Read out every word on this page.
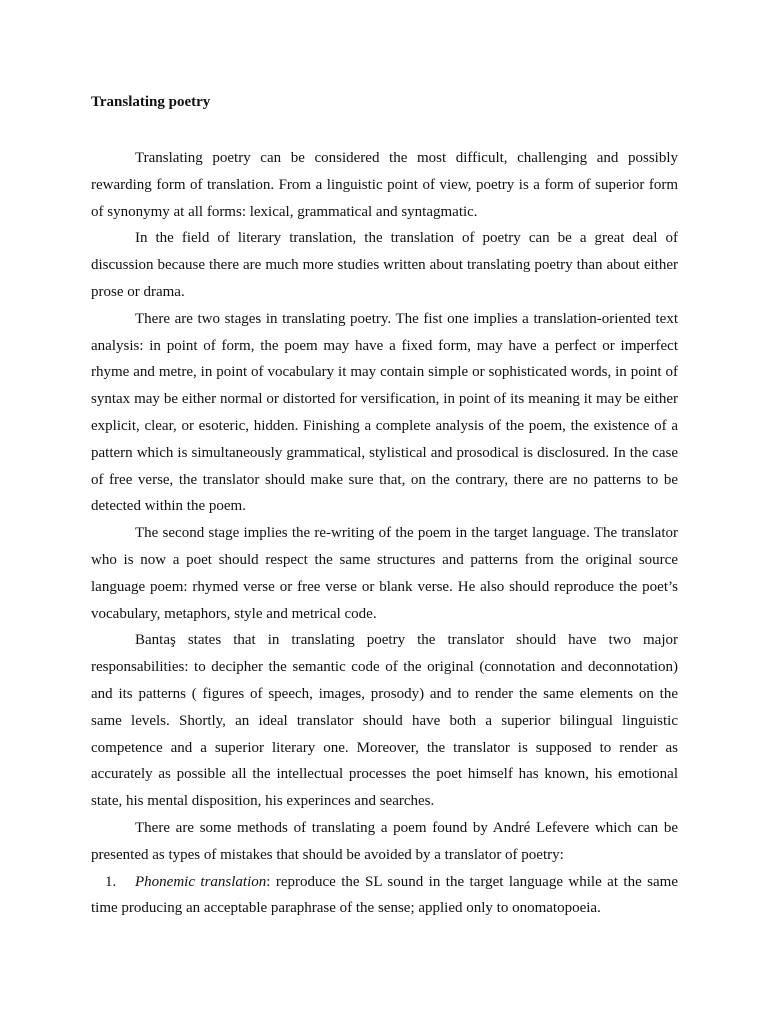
Translating poetry

Translating poetry can be considered the most difficult, challenging and possibly rewarding form of translation. From a linguistic point of view, poetry is a form of superior form of synonymy at all forms: lexical, grammatical and syntagmatic.

In the field of literary translation, the translation of poetry can be a great deal of discussion because there are much more studies written about translating poetry than about either prose or drama.

There are two stages in translating poetry. The fist one implies a translation-oriented text analysis: in point of form, the poem may have a fixed form, may have a perfect or imperfect rhyme and metre, in point of vocabulary it may contain simple or sophisticated words, in point of syntax may be either normal or distorted for versification, in point of its meaning it may be either explicit, clear, or esoteric, hidden. Finishing a complete analysis of the poem, the existence of a pattern which is simultaneously grammatical, stylistical and prosodical is disclosured. In the case of free verse, the translator should make sure that, on the contrary, there are no patterns to be detected within the poem.

The second stage implies the re-writing of the poem in the target language. The translator who is now a poet should respect the same structures and patterns from the original source language poem: rhymed verse or free verse or blank verse. He also should reproduce the poet’s vocabulary, metaphors, style and metrical code.

Bantaş states that in translating poetry the translator should have two major responsabilities: to decipher the semantic code of the original (connotation and deconnotation) and its patterns ( figures of speech, images, prosody) and to render the same elements on the same levels. Shortly, an ideal translator should have both a superior bilingual linguistic competence and a superior literary one. Moreover, the translator is supposed to render as accurately as possible all the intellectual processes the poet himself has known, his emotional state, his mental disposition, his experinces and searches.

There are some methods of translating a poem found by André Lefevere which can be presented as types of mistakes that should be avoided by a translator of poetry:

1. Phonemic translation: reproduce the SL sound in the target language while at the same time producing an acceptable paraphrase of the sense; applied only to onomatopoeia.
